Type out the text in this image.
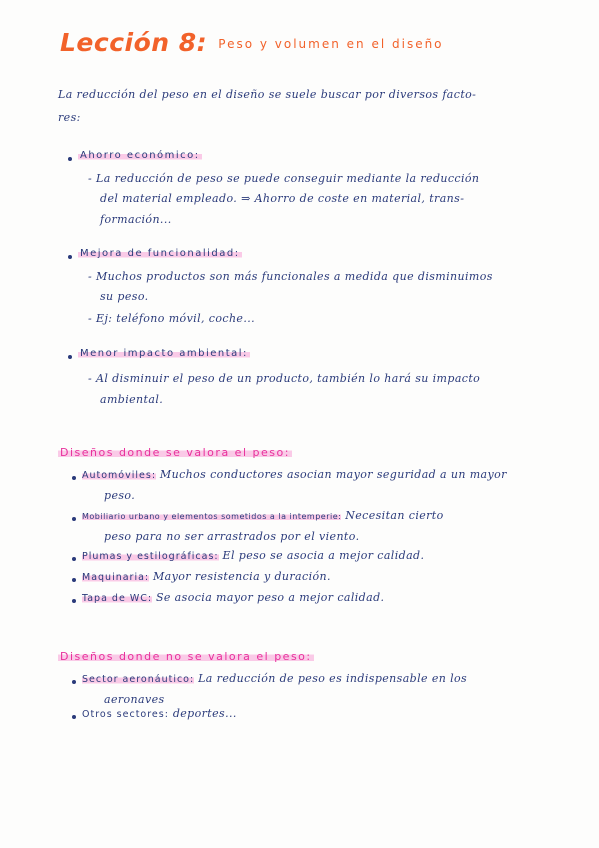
Lección 8: $^{Peso y volumen en el diseño}$
La reducción del peso en el diseño se suele buscar por diversos facto-
res:
Ahorro económico:
- La reducción de peso se puede conseguir mediante la reducción
del material empleado. ⇒ Ahorro de coste en material, trans-
formación...
Mejora de funcionalidad:
- Muchos productos son más funcionales a medida que disminuimos
su peso.
- Ej: teléfono móvil, coche...
Menor impacto ambiental:
- Al disminuir el peso de un producto, también lo hará su impacto
ambiental.
Diseños donde se valora el peso:
Automóviles: Muchos conductores asocian mayor seguridad a un mayor
peso.
Mobiliario urbano y elementos sometidos a la intemperie: Necesitan cierto
peso para no ser arrastrados por el viento.
Plumas y estilográficas: El peso se asocia a mejor calidad.
Maquinaria: Mayor resistencia y duración.
Tapa de WC: Se asocia mayor peso a mejor calidad.
Diseños donde no se valora el peso:
Sector aeronáutico: La reducción de peso es indispensable en los
aeronaves
Otros sectores: deportes...
